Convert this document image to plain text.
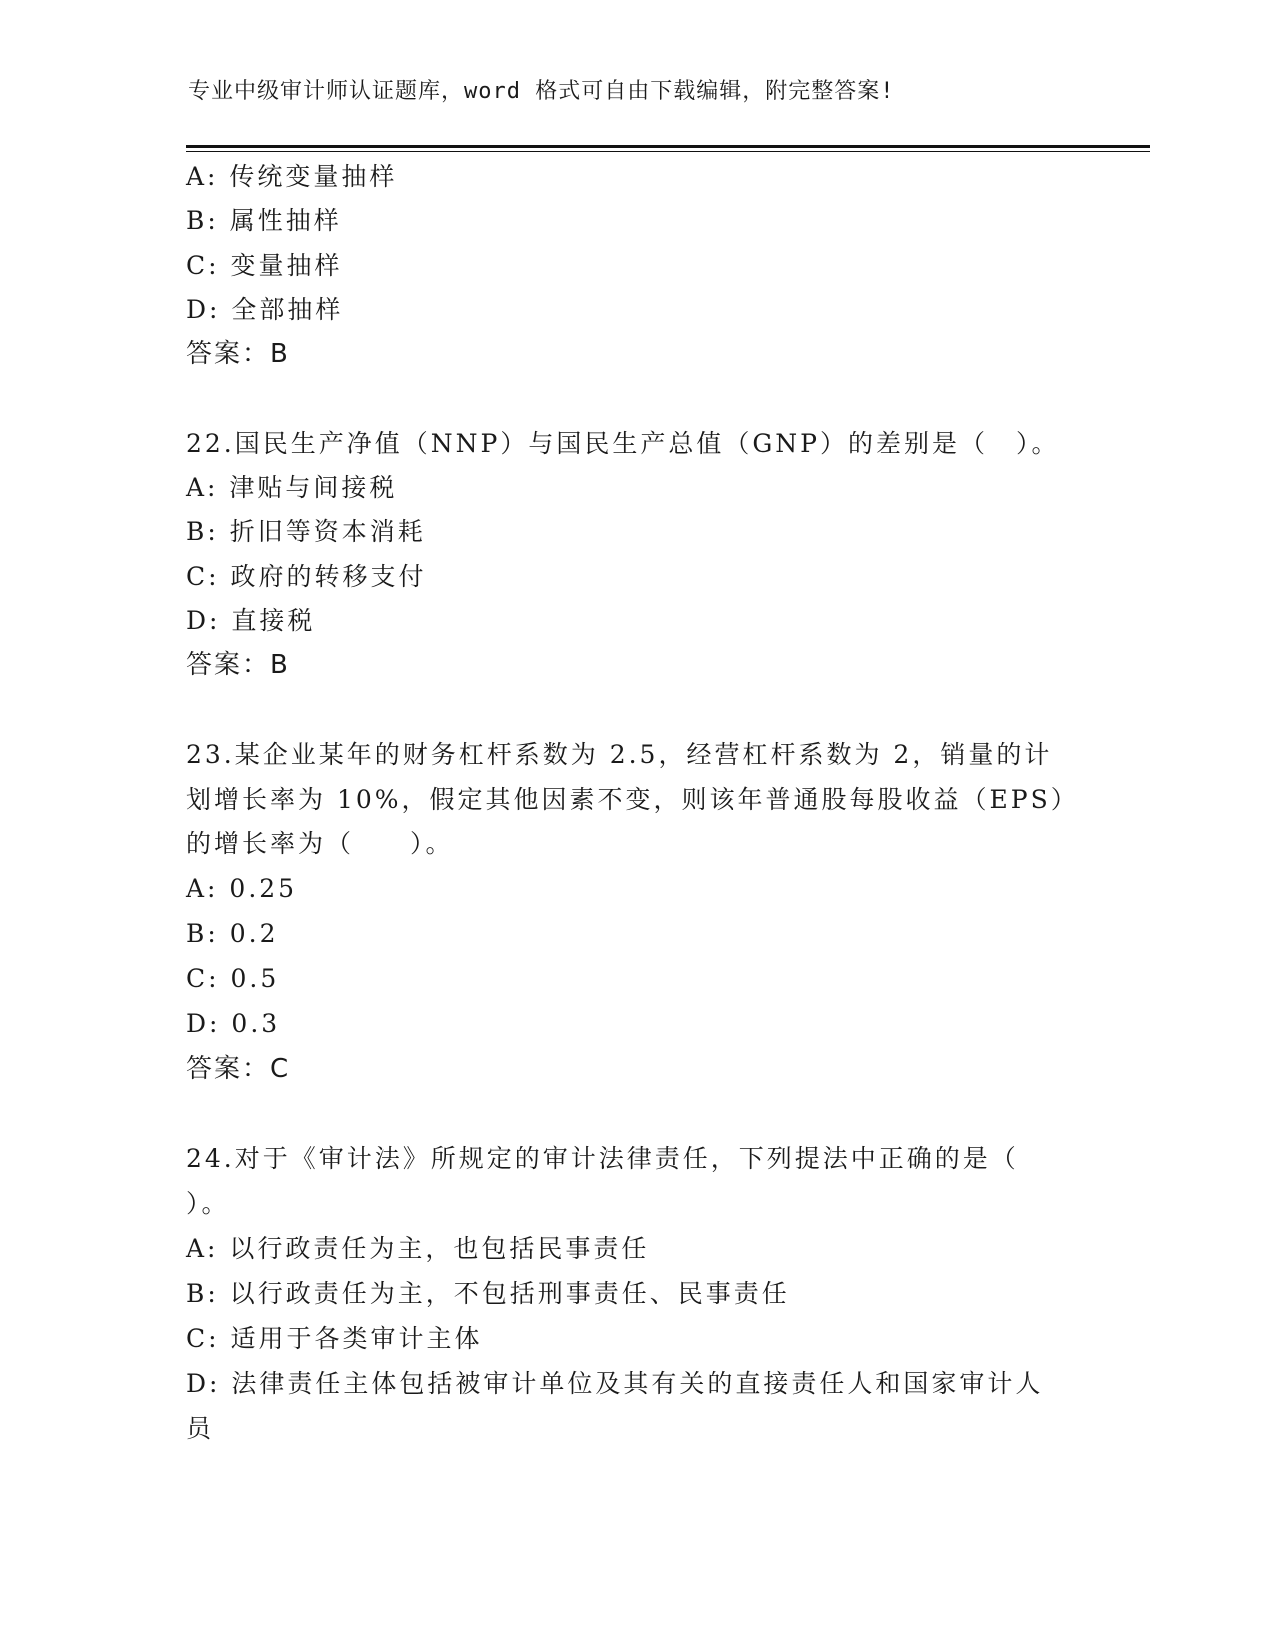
专业中级审计师认证题库，word 格式可自由下载编辑，附完整答案!
A: 传统变量抽样
B: 属性抽样
C: 变量抽样
D: 全部抽样
答案：B
22.国民生产净值（NNP）与国民生产总值（GNP）的差别是（　）。
A: 津贴与间接税
B: 折旧等资本消耗
C: 政府的转移支付
D: 直接税
答案：B
23.某企业某年的财务杠杆系数为 2.5，经营杠杆系数为 2，销量的计
划增长率为 10%，假定其他因素不变，则该年普通股每股收益（EPS）
的增长率为（　　）。
A: 0.25
B: 0.2
C: 0.5
D: 0.3
答案：C
24.对于《审计法》所规定的审计法律责任，下列提法中正确的是（
）。
A: 以行政责任为主，也包括民事责任
B: 以行政责任为主，不包括刑事责任、民事责任
C: 适用于各类审计主体
D: 法律责任主体包括被审计单位及其有关的直接责任人和国家审计人
员
